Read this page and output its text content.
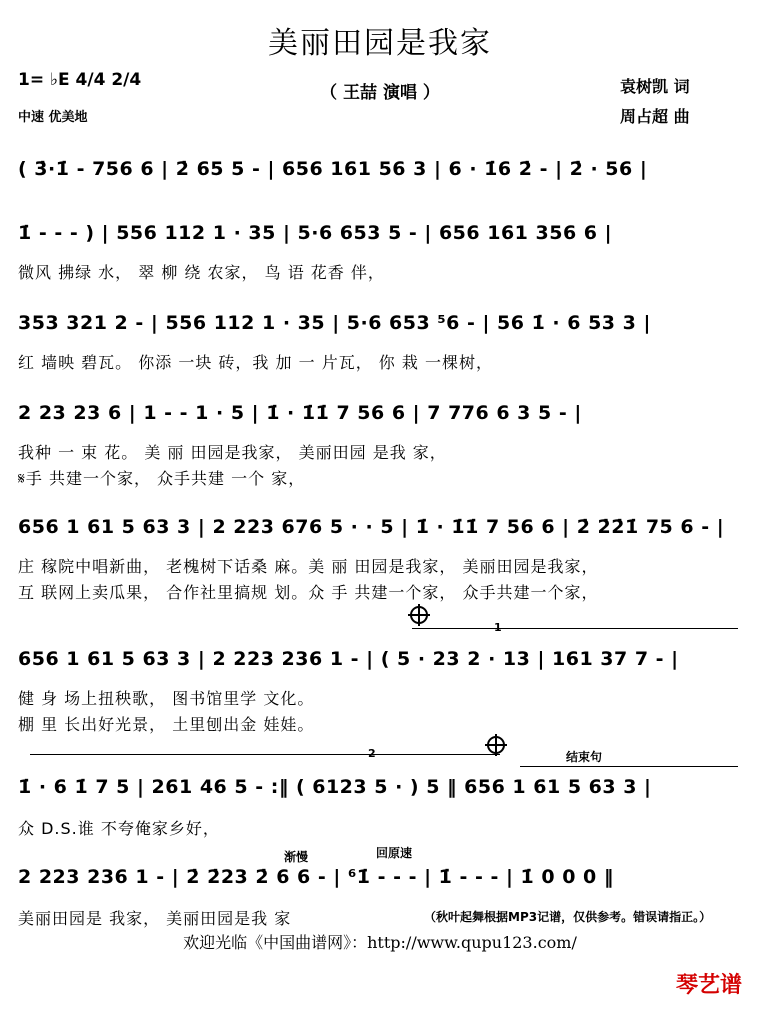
美丽田园是我家
1= ♭E 4/4 2/4
（ 王喆 演唱 ）	袁树凯 词
周占超 曲
中速 优美地
( 3̇·1̇ - 756 6 | 2̇ 65 5 - | 656 161 56 3 | 6 · 1̇6 2̇ - | 2̇ · 56 |
1̇ - - - ) | 556 112 1 · 35 | 5·6 653 5 - | 656 161 356 6 |
微风 拂绿 水， 翠 柳 绕 农家， 鸟 语 花香 伴，
353 321 2 - | 556 112 1 · 35 | 5·6 653 ⁵6 - | 56 1̇ · 6 53 3 |
红 墙映 碧瓦。 你添 一块 砖，我 加 一 片瓦， 你 栽 一棵树，
2 23 23 6 | 1 - - 1 · 5 | 1̇ · 1̇1̇ 7 56 6 | 7 776 6 3 5 - |
我种 一 束 花。 美 丽 田园是我家， 美丽田园 是我 家，
𝄋手 共建一个家， 众手共建 一个 家，
656 1 61 5 63 3 | 2 223 676 5 · · 5 | 1̇ · 1̇1̇ 7 56 6 | 2̇ 2̇2̇1̇ 75 6 - |
庄 稼院中唱新曲， 老槐树下话桑 麻。美 丽 田园是我家， 美丽田园是我家，
互 联网上卖瓜果， 合作社里搞规 划。众 手 共建一个家， 众手共建一个家，
1
656 1 61 5 63 3 | 2 223 236 1 - | ( 5 · 23 2 · 13 | 161 37 7 - |
健 身 场上扭秧歌， 图书馆里学 文化。
棚 里 长出好光景， 土里刨出金 娃娃。
2	结束句
1̇ · 6 1̇ 7 5 | 261 46 5 - :‖ ( 6123 5 · ) 5 ‖ 656 1 61 5 63 3 |
众 D.S.谁 不夸俺家乡好，
渐慢	回原速
2 223 236 1 - | 2̇ 2̇23 2̇ 6 6 - | ⁶1̇ - - - | 1̇ - - - | 1̇ 0 0 0 ‖
美丽田园是 我家， 美丽田园是我 家	（秋叶起舞根据MP3记谱，仅供参考。错误请指正。）
欢迎光临《中国曲谱网》：http://www.qupu123.com/
琴艺谱
